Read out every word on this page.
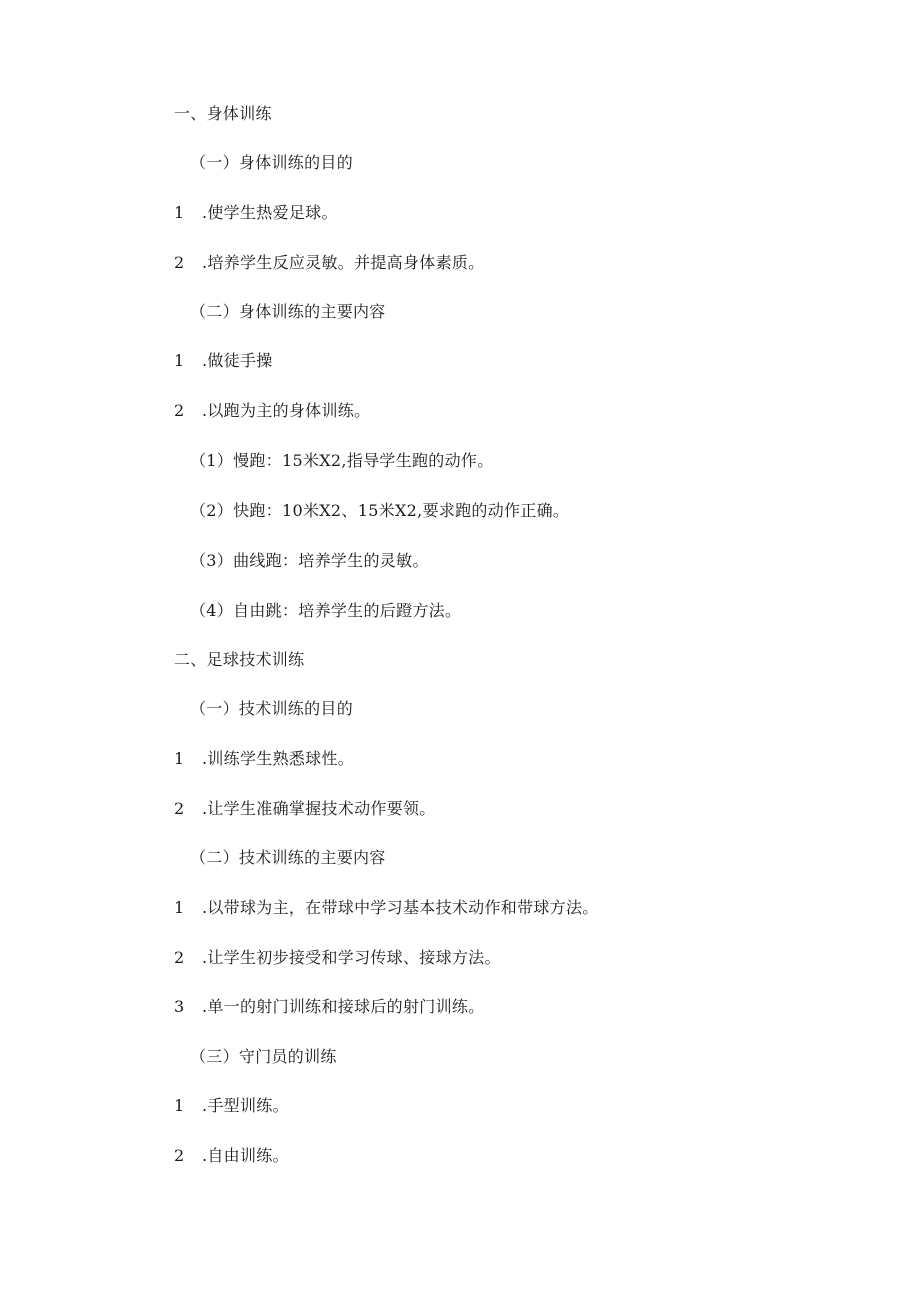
一、身体训练
（一）身体训练的目的
1 .使学生热爱足球。
2 .培养学生反应灵敏。并提高身体素质。
（二）身体训练的主要内容
1 .做徒手操
2 .以跑为主的身体训练。
（1）慢跑：15米X2,指导学生跑的动作。
（2）快跑：10米X2、15米X2,要求跑的动作正确。
（3）曲线跑：培养学生的灵敏。
（4）自由跳：培养学生的后蹬方法。
二、足球技术训练
（一）技术训练的目的
1 .训练学生熟悉球性。
2 .让学生准确掌握技术动作要领。
（二）技术训练的主要内容
1 .以带球为主，在带球中学习基本技术动作和带球方法。
2 .让学生初步接受和学习传球、接球方法。
3 .单一的射门训练和接球后的射门训练。
（三）守门员的训练
1 .手型训练。
2 .自由训练。
